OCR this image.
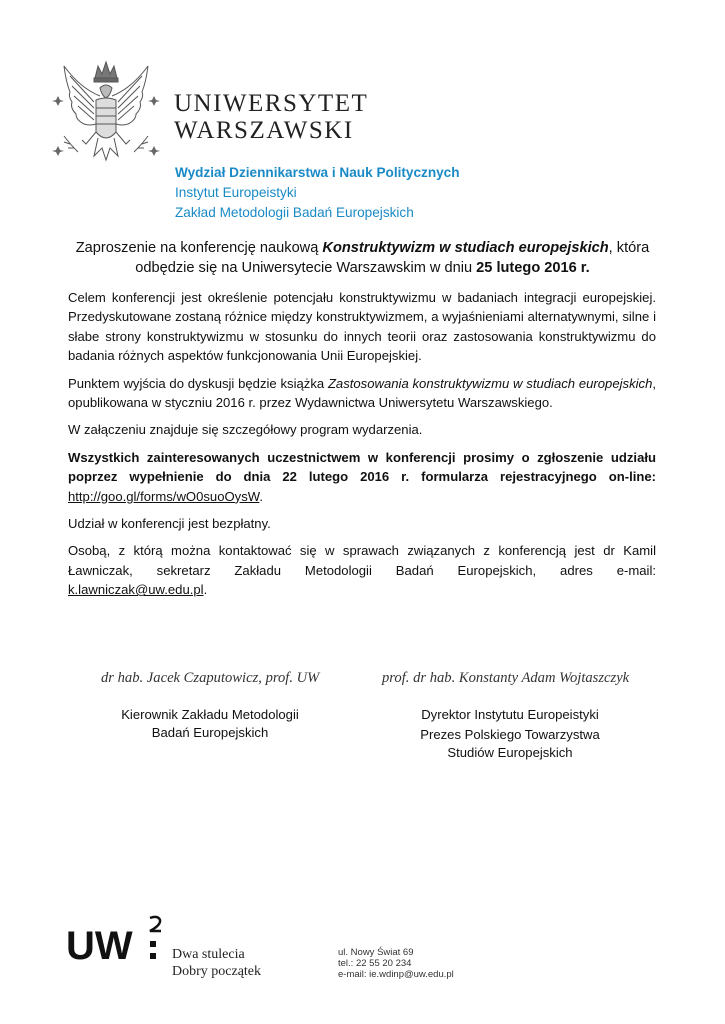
UNIWERSYTET
WARSZAWSKI
Wydział Dziennikarstwa i Nauk Politycznych
Instytut Europeistyki
Zakład Metodologii Badań Europejskich
Zaproszenie na konferencję naukową Konstruktywizm w studiach europejskich, która odbędzie się na Uniwersytecie Warszawskim w dniu 25 lutego 2016 r.

Celem konferencji jest określenie potencjału konstruktywizmu w badaniach integracji europejskiej. Przedyskutowane zostaną różnice między konstruktywizmem, a wyjaśnieniami alternatywnymi, silne i słabe strony konstruktywizmu w stosunku do innych teorii oraz zastosowania konstruktywizmu do badania różnych aspektów funkcjonowania Unii Europejskiej.

Punktem wyjścia do dyskusji będzie książka Zastosowania konstruktywizmu w studiach europejskich, opublikowana w styczniu 2016 r. przez Wydawnictwa Uniwersytetu Warszawskiego.

W załączeniu znajduje się szczegółowy program wydarzenia.

Wszystkich zainteresowanych uczestnictwem w konferencji prosimy o zgłoszenie udziału poprzez wypełnienie do dnia 22 lutego 2016 r. formularza rejestracyjnego on-line: http://goo.gl/forms/wO0suoOysW.

Udział w konferencji jest bezpłatny.

Osobą, z którą można kontaktować się w sprawach związanych z konferencją jest dr Kamil Ławniczak, sekretarz Zakładu Metodologii Badań Europejskich, adres e-mail: k.lawniczak@uw.edu.pl.

dr hab. Jacek Czaputowicz, prof. UW	prof. dr hab. Konstanty Adam Wojtaszczyk
Kierownik Zakładu Metodologii Badań Europejskich
Dyrektor Instytutu Europeistyki
Prezes Polskiego Towarzystwa Studiów Europejskich
UW	Dwa stulecia
Dobry początek
ul. Nowy Świat 69
tel.: 22 55 20 234
e-mail: ie.wdinp@uw.edu.pl
